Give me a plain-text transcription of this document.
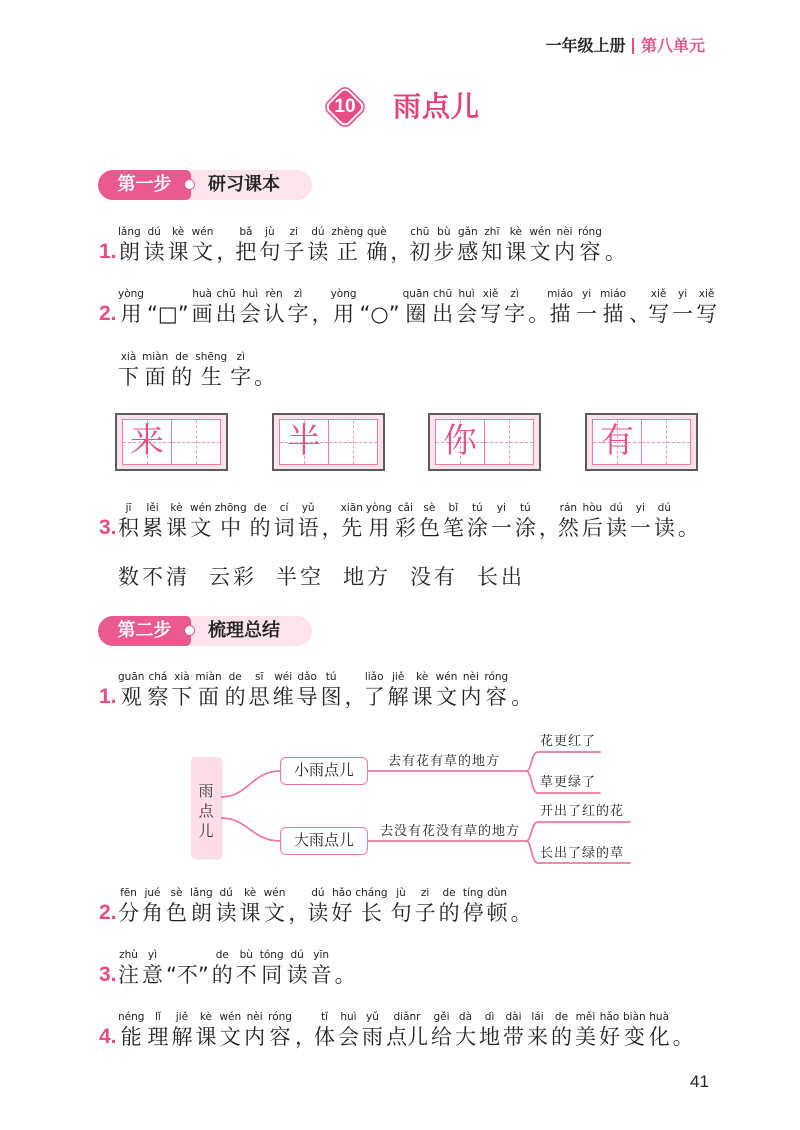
一年级上册 第八单元
10	雨点儿
第一步	研习课本
1.
lǎng
朗
dú
读
kè
课
wén
文 ，
bǎ
把
jù
句
zi
子
dú
读
zhèng
正
què
确 ，
chū
初
bù
步
gǎn
感
zhī
知
kè
课
wén
文
nèi
内
róng
容 。
2.
yòng
用 “□”
huà
画
chū
出
huì
会
rèn
认
zì
字 ，
yòng
用 “○”
quān
圈
chū
出
huì
会
xiě
写
zì
字 。
miáo
描
yi
一
miáo
描 、
xiě
写
yi
一
xiě
写
xià
下
miàn
面
de
的
shēng
生
zì
字 。
来	半	你	有
3.
jī
积
lěi
累
kè
课
wén
文
zhōng
中
de
的
cí
词
yǔ
语 ，
xiān
先
yòng
用
cǎi
彩
sè
色
bǐ
笔
tú
涂
yi
一
tú
涂 ，
rán
然
hòu
后
dú
读
yi
一
dú
读 。
数不清 云彩 半空 地方 没有 长出
第二步	梳理总结
1.
guān
观
chá
察
xià
下
miàn
面
de
的
sī
思
wéi
维
dǎo
导
tú
图 ，
liǎo
了
jiě
解
kè
课
wén
文
nèi
内
róng
容 。
雨点儿
小雨点儿	去有花有草的地方
花更红了
草更绿了
大雨点儿	去没有花没有草的地方
开出了红的花
长出了绿的草
2.
fēn
分
jué
角
sè
色
lǎng
朗
dú
读
kè
课
wén
文 ，
dú
读
hǎo
好
cháng
长
jù
句
zi
子
de
的
tíng
停
dùn
顿 。
3.
zhù
注
yì
意 “不”
de
的
bù
不
tóng
同
dú
读
yīn
音 。
4.
néng
能
lǐ
理
jiě
解
kè
课
wén
文
nèi
内
róng
容 ，
tǐ
体
huì
会
yǔ
雨
diǎnr
点儿
gěi
给
dà
大
dì
地
dài
带
lái
来
de
的
měi
美
hǎo
好
biàn
变
huà
化 。
41
